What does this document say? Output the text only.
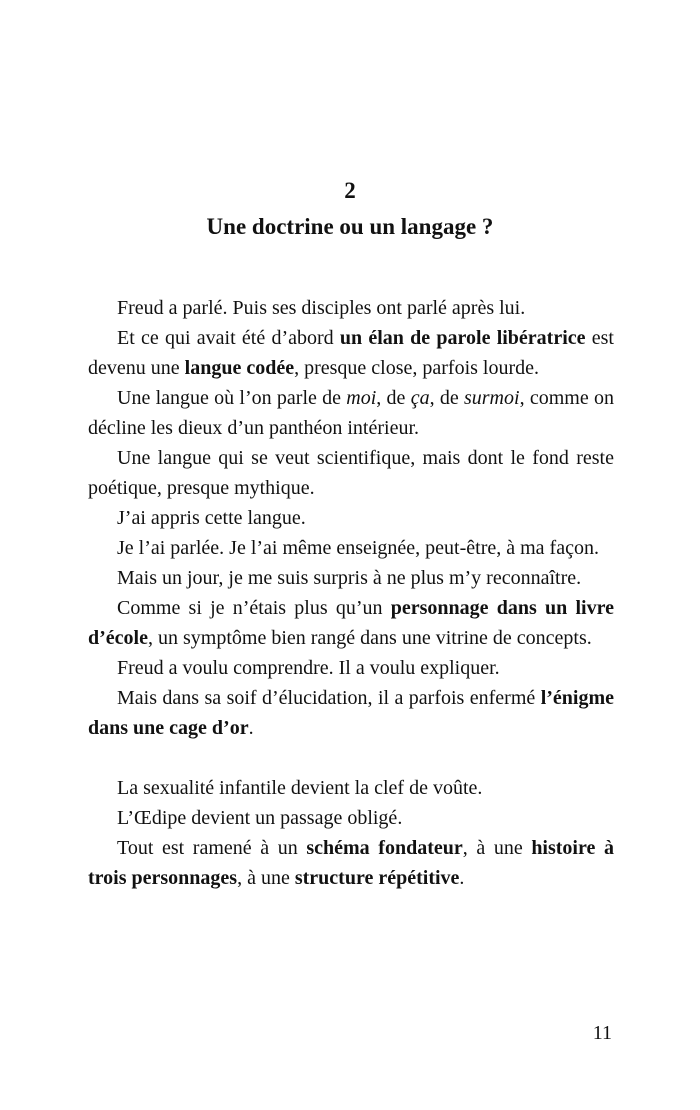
2
Une doctrine ou un langage ?

Freud a parlé. Puis ses disciples ont parlé après lui.

Et ce qui avait été d’abord un élan de parole libératrice est devenu une langue codée, presque close, parfois lourde.

Une langue où l’on parle de moi, de ça, de surmoi, comme on décline les dieux d’un panthéon intérieur.

Une langue qui se veut scientifique, mais dont le fond reste poétique, presque mythique.

J’ai appris cette langue.

Je l’ai parlée. Je l’ai même enseignée, peut-être, à ma façon.

Mais un jour, je me suis surpris à ne plus m’y reconnaître.

Comme si je n’étais plus qu’un personnage dans un livre d’école, un symptôme bien rangé dans une vitrine de concepts.

Freud a voulu comprendre. Il a voulu expliquer.

Mais dans sa soif d’élucidation, il a parfois enfermé l’énigme dans une cage d’or.

La sexualité infantile devient la clef de voûte.

L’Œdipe devient un passage obligé.

Tout est ramené à un schéma fondateur, à une histoire à trois personnages, à une structure répétitive.

11
